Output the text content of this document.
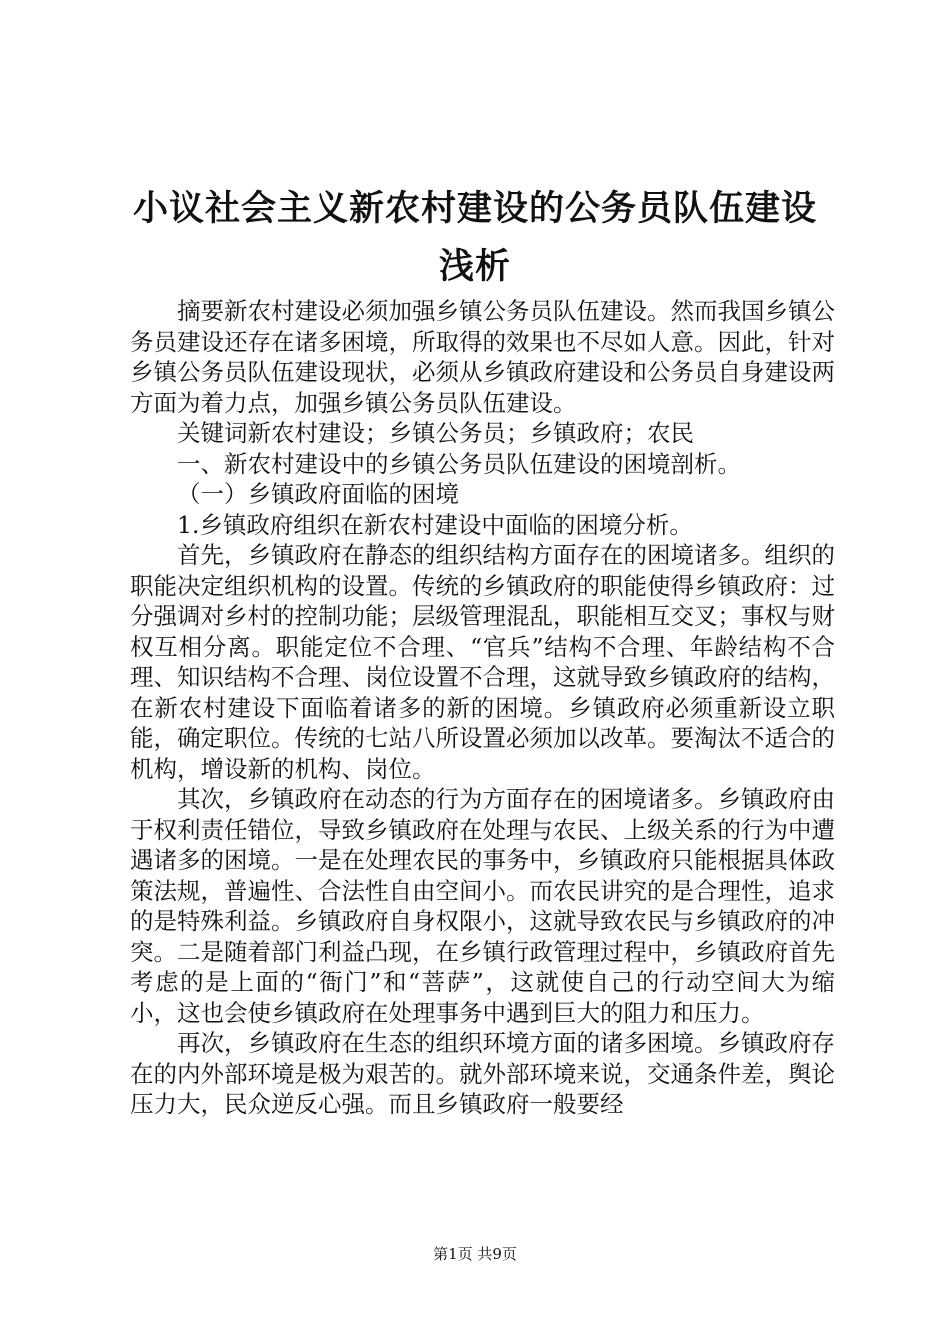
小议社会主义新农村建设的公务员队伍建设浅析

摘要新农村建设必须加强乡镇公务员队伍建设。然而我国乡镇公务员建设还存在诸多困境，所取得的效果也不尽如人意。因此，针对乡镇公务员队伍建设现状，必须从乡镇政府建设和公务员自身建设两方面为着力点，加强乡镇公务员队伍建设。

关键词新农村建设；乡镇公务员；乡镇政府；农民

一、新农村建设中的乡镇公务员队伍建设的困境剖析。

（一）乡镇政府面临的困境

1.乡镇政府组织在新农村建设中面临的困境分析。

首先，乡镇政府在静态的组织结构方面存在的困境诸多。组织的职能决定组织机构的设置。传统的乡镇政府的职能使得乡镇政府：过分强调对乡村的控制功能；层级管理混乱，职能相互交叉；事权与财权互相分离。职能定位不合理、“官兵”结构不合理、年龄结构不合理、知识结构不合理、岗位设置不合理，这就导致乡镇政府的结构，在新农村建设下面临着诸多的新的困境。乡镇政府必须重新设立职能，确定职位。传统的七站八所设置必须加以改革。要淘汰不适合的机构，增设新的机构、岗位。

其次，乡镇政府在动态的行为方面存在的困境诸多。乡镇政府由于权利责任错位，导致乡镇政府在处理与农民、上级关系的行为中遭遇诸多的困境。一是在处理农民的事务中，乡镇政府只能根据具体政策法规，普遍性、合法性自由空间小。而农民讲究的是合理性，追求的是特殊利益。乡镇政府自身权限小，这就导致农民与乡镇政府的冲突。二是随着部门利益凸现，在乡镇行政管理过程中，乡镇政府首先考虑的是上面的“衙门”和“菩萨”，这就使自己的行动空间大为缩小，这也会使乡镇政府在处理事务中遇到巨大的阻力和压力。

再次，乡镇政府在生态的组织环境方面的诸多困境。乡镇政府存在的内外部环境是极为艰苦的。就外部环境来说，交通条件差，舆论压力大，民众逆反心强。而且乡镇政府一般要经

第1页 共9页
